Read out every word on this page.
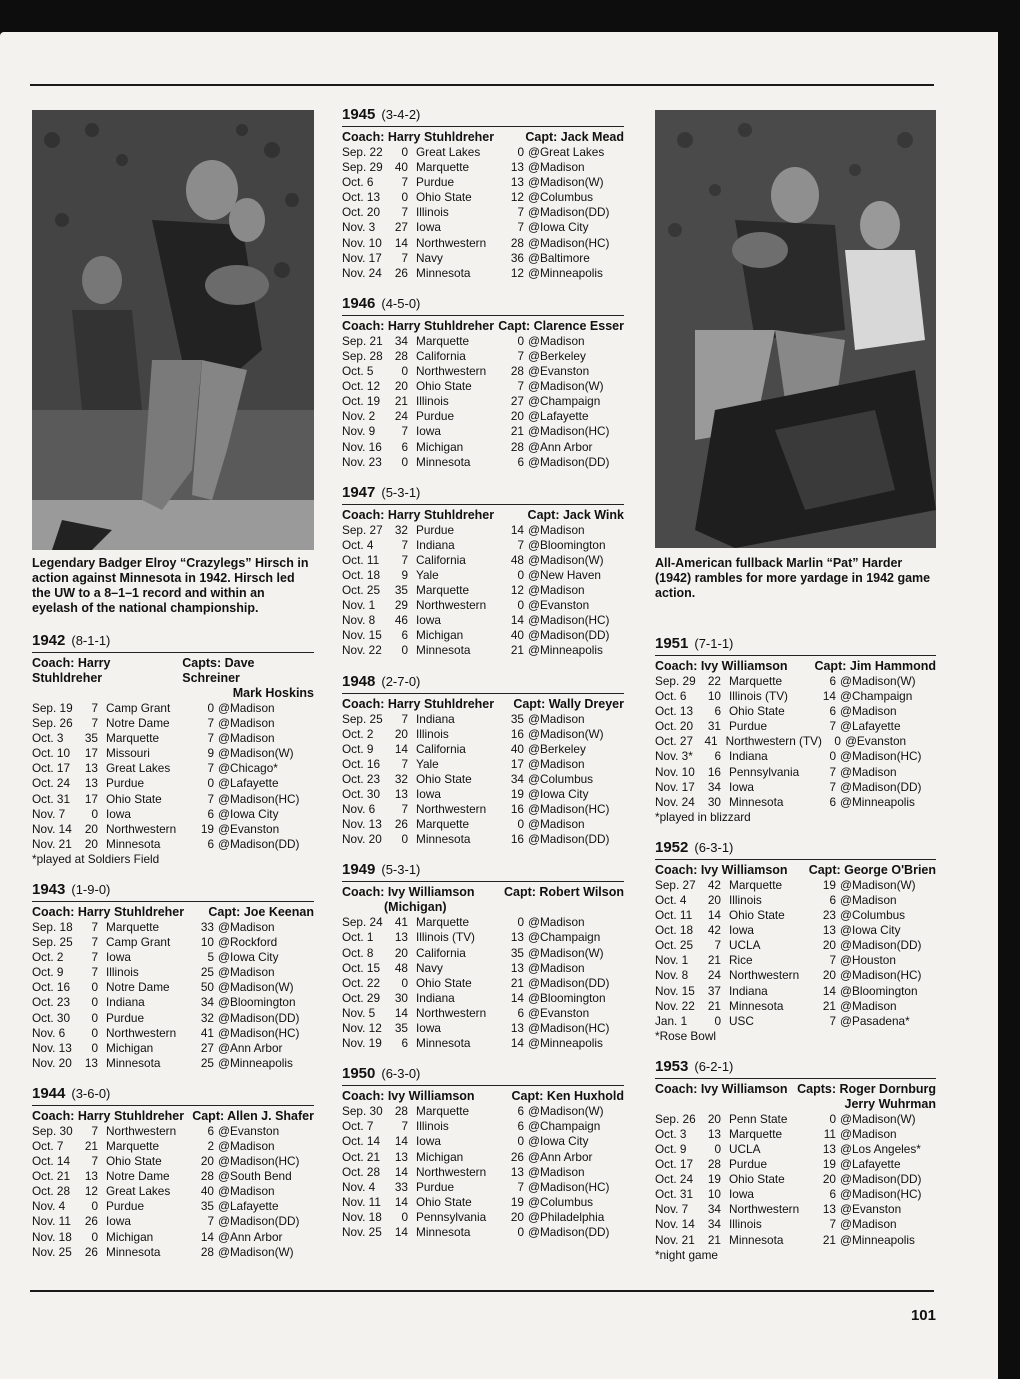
Legendary Badger Elroy “Crazylegs” Hirsch in action against Minnesota in 1942. Hirsch led the UW to a 8–1–1 record and within an eyelash of the national championship.
All-American fullback Marlin “Pat” Harder (1942) rambles for more yardage in 1942 game action.
1942 (8-1-1)
Coach: Harry Stuhldreher
Capts: Dave Schreiner
Mark Hoskins
Sep. 19	7 Camp Grant	0 @Madison
Sep. 26	7 Notre Dame	7 @Madison
Oct. 3	35 Marquette	7 @Madison
Oct. 10	17 Missouri	9 @Madison(W)
Oct. 17	13 Great Lakes	7 @Chicago*
Oct. 24	13 Purdue	0 @Lafayette
Oct. 31	17 Ohio State	7 @Madison(HC)
Nov. 7	0 Iowa	6 @Iowa City
Nov. 14	20 Northwestern	19 @Evanston
Nov. 21	20 Minnesota	6 @Madison(DD)
*played at Soldiers Field
1943 (1-9-0)
Coach: Harry Stuhldreher Capt: Joe Keenan
Sep. 18	7 Marquette	33 @Madison
Sep. 25	7 Camp Grant	10 @Rockford
Oct. 2	7 Iowa	5 @Iowa City
Oct. 9	7 Illinois	25 @Madison
Oct. 16	0 Notre Dame	50 @Madison(W)
Oct. 23	0 Indiana	34 @Bloomington
Oct. 30	0 Purdue	32 @Madison(DD)
Nov. 6	0 Northwestern	41 @Madison(HC)
Nov. 13	0 Michigan	27 @Ann Arbor
Nov. 20	13 Minnesota	25 @Minneapolis
1944 (3-6-0)
Coach: Harry Stuhldreher Capt: Allen J. Shafer
Sep. 30	7 Northwestern	6 @Evanston
Oct. 7	21 Marquette	2 @Madison
Oct. 14	7 Ohio State	20 @Madison(HC)
Oct. 21	13 Notre Dame	28 @South Bend
Oct. 28	12 Great Lakes	40 @Madison
Nov. 4	0 Purdue	35 @Lafayette
Nov. 11	26 Iowa	7 @Madison(DD)
Nov. 18	0 Michigan	14 @Ann Arbor
Nov. 25	26 Minnesota	28 @Madison(W)
1945 (3-4-2)
Coach: Harry Stuhldreher Capt: Jack Mead
Sep. 22	0 Great Lakes	0 @Great Lakes
Sep. 29	40 Marquette	13 @Madison
Oct. 6	7 Purdue	13 @Madison(W)
Oct. 13	0 Ohio State	12 @Columbus
Oct. 20	7 Illinois	7 @Madison(DD)
Nov. 3	27 Iowa	7 @Iowa City
Nov. 10	14 Northwestern	28 @Madison(HC)
Nov. 17	7 Navy	36 @Baltimore
Nov. 24	26 Minnesota	12 @Minneapolis
1946 (4-5-0)
Coach: Harry Stuhldreher Capt: Clarence Esser
Sep. 21	34 Marquette	0 @Madison
Sep. 28	28 California	7 @Berkeley
Oct. 5	0 Northwestern	28 @Evanston
Oct. 12	20 Ohio State	7 @Madison(W)
Oct. 19	21 Illinois	27 @Champaign
Nov. 2	24 Purdue	20 @Lafayette
Nov. 9	7 Iowa	21 @Madison(HC)
Nov. 16	6 Michigan	28 @Ann Arbor
Nov. 23	0 Minnesota	6 @Madison(DD)
1947 (5-3-1)
Coach: Harry Stuhldreher	Capt: Jack Wink
Sep. 27	32 Purdue	14 @Madison
Oct. 4	7 Indiana	7 @Bloomington
Oct. 11	7 California	48 @Madison(W)
Oct. 18	9 Yale	0 @New Haven
Oct. 25	35 Marquette	12 @Madison
Nov. 1	29 Northwestern	0 @Evanston
Nov. 8	46 Iowa	14 @Madison(HC)
Nov. 15	6 Michigan	40 @Madison(DD)
Nov. 22	0 Minnesota	21 @Minneapolis
1948 (2-7-0)
Coach: Harry Stuhldreher Capt: Wally Dreyer
Sep. 25	7 Indiana	35 @Madison
Oct. 2	20 Illinois	16 @Madison(W)
Oct. 9	14 California	40 @Berkeley
Oct. 16	7 Yale	17 @Madison
Oct. 23	32 Ohio State	34 @Columbus
Oct. 30	13 Iowa	19 @Iowa City
Nov. 6	7 Northwestern	16 @Madison(HC)
Nov. 13	26 Marquette	0 @Madison
Nov. 20	0 Minnesota	16 @Madison(DD)
1949 (5-3-1)
Coach: Ivy Williamson
(Michigan)
Capt: Robert Wilson
Sep. 24	41 Marquette	0 @Madison
Oct. 1	13 Illinois (TV)	13 @Champaign
Oct. 8	20 California	35 @Madison(W)
Oct. 15	48 Navy	13 @Madison
Oct. 22	0 Ohio State	21 @Madison(DD)
Oct. 29	30 Indiana	14 @Bloomington
Nov. 5	14 Northwestern	6 @Evanston
Nov. 12	35 Iowa	13 @Madison(HC)
Nov. 19	6 Minnesota	14 @Minneapolis
1950 (6-3-0)
Coach: Ivy Williamson	Capt: Ken Huxhold
Sep. 30	28 Marquette	6 @Madison(W)
Oct. 7	7 Illinois	6 @Champaign
Oct. 14	14 Iowa	0 @Iowa City
Oct. 21	13 Michigan	26 @Ann Arbor
Oct. 28	14 Northwestern	13 @Madison
Nov. 4	33 Purdue	7 @Madison(HC)
Nov. 11	14 Ohio State	19 @Columbus
Nov. 18	0 Pennsylvania	20 @Philadelphia
Nov. 25	14 Minnesota	0 @Madison(DD)
1951 (7-1-1)
Coach: Ivy Williamson Capt: Jim Hammond
Sep. 29	22 Marquette	6 @Madison(W)
Oct. 6	10 Illinois (TV)	14 @Champaign
Oct. 13	6 Ohio State	6 @Madison
Oct. 20	31 Purdue	7 @Lafayette
Oct. 27 41 Northwestern (TV)	0 @Evanston
Nov. 3*	6 Indiana	0 @Madison(HC)
Nov. 10	16 Pennsylvania	7 @Madison
Nov. 17	34 Iowa	7 @Madison(DD)
Nov. 24	30 Minnesota	6 @Minneapolis
*played in blizzard
1952 (6-3-1)
Coach: Ivy Williamson Capt: George O'Brien
Sep. 27	42 Marquette	19 @Madison(W)
Oct. 4	20 Illinois	6 @Madison
Oct. 11	14 Ohio State	23 @Columbus
Oct. 18	42 Iowa	13 @Iowa City
Oct. 25	7 UCLA	20 @Madison(DD)
Nov. 1	21 Rice	7 @Houston
Nov. 8	24 Northwestern	20 @Madison(HC)
Nov. 15	37 Indiana	14 @Bloomington
Nov. 22	21 Minnesota	21 @Madison
Jan. 1	0 USC	7 @Pasadena*
*Rose Bowl
1953 (6-2-1)
Coach: Ivy Williamson Capts: Roger Dornburg
Jerry Wuhrman
Sep. 26	20 Penn State	0 @Madison(W)
Oct. 3	13 Marquette	11 @Madison
Oct. 9	0 UCLA	13 @Los Angeles*
Oct. 17	28 Purdue	19 @Lafayette
Oct. 24	19 Ohio State	20 @Madison(DD)
Oct. 31	10 Iowa	6 @Madison(HC)
Nov. 7	34 Northwestern	13 @Evanston
Nov. 14	34 Illinois	7 @Madison
Nov. 21	21 Minnesota	21 @Minneapolis
*night game
101
